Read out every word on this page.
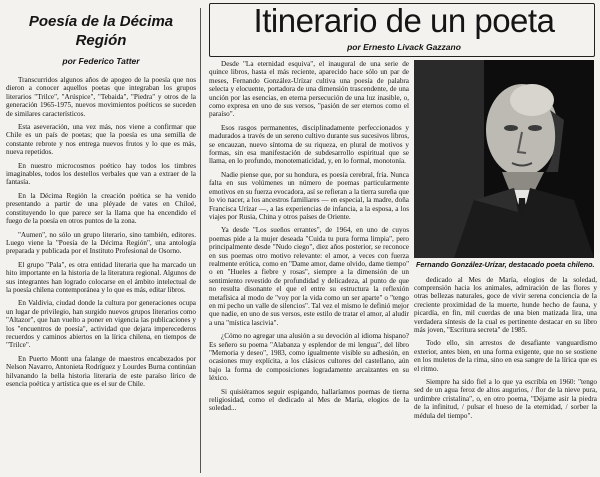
Poesía de la Décima
Región
por Federico Tatter

Transcurridos algunos años de apogeo de la poesía que nos dieron a conocer aquellos poetas que integraban los grupos literarios "Trilce", "Arúspice", "Tebaida", "Piedra" y otros de la generación 1965-1975, nuevos movimientos poéticos se suceden de similares característicos.

Esta aseveración, una vez más, nos viene a confirmar que Chile es un país de poetas; que la poesía es una semilla de constante rebrote y nos entrega nuevos frutos y lo que es más, nueva repetidos.

En nuestro microcosmos poético hay todos los timbres imaginables, todos los destellos verbales que van a extraer de la fantasía.

En la Décima Región la creación poética se ha venido presentando a partir de una pléyade de vates en Chiloé, constituyendo lo que parece ser la llama que ha encendido el fuego de la poesía en otros puntos de la zona.

"Aumen", no sólo un grupo literario, sino también, editores. Luego viene la "Poesía de la Décima Región", una antología preparada y publicada por el Instituto Profesional de Osorno.

El grupo "Pala", es otra entidad literaria que ha marcado un hito importante en la historia de la literatura regional. Algunos de sus integrantes han logrado colocarse en el ámbito intelectual de la poesía chilena contemporánea y lo que es más, editar libros.

En Valdivia, ciudad donde la cultura por generaciones ocupa un lugar de privilegio, han surgido nuevos grupos literarios como "Altazor", que han vuelto a poner en vigencia las publicaciones y los "encuentros de poesía", actividad que dejara imperecederos recuerdos y caminos abiertos en la lírica chilena, en tiempos de "Trilce".

En Puerto Montt una falange de maestros encabezados por Nelson Navarro, Antonieta Rodríguez y Lourdes Burna continúan hilvanando la bella historia literaria de este paraíso lírico de esencia poética y artística que es el sur de Chile.

Itinerario de un poeta
por Ernesto Livack Gazzano

Desde "La eternidad esquiva", el inaugural de una serie de quince libros, hasta el más reciente, aparecido hace sólo un par de meses, Fernando González-Urízar cultiva una poesía de palabra selecta y elocuente, portadora de una dimensión trascendente, de una unción por las esencias, en eterna persecución de una luz inasible, o, como expresa en uno de sus versos, "pasión de ser eternos como el paraíso".

Esos rasgos permanentes, disciplinadamente perfeccionados y madurados a través de un sereno cultivo durante sus sucesivos libros, se encauzan, nuevo síntoma de su riqueza, en plural de motivos y formas, sin esa manifestación de subdesarrollo espiritual que se llama, en lo profundo, monotematicidad, y, en lo formal, monotonía.

Nadie piense que, por su hondura, es poesía cerebral, fría. Nunca falta en sus volúmenes un número de poemas particularmente emotivos en su fuerza evocadora, así se refieran a la tierra sureña que lo vio nacer, a los ancestros familiares — en especial, la madre, doña Francisca Urízar —, a las experiencias de infancia, a la esposa, a los viajes por Rusia, China y otros países de Oriente.

Ya desde "Los sueños errantes", de 1964, en uno de cuyos poemas pide a la mujer deseada "Cuida tu pura forma limpia", pero principalmente desde "Nudo ciego", diez años posterior, se reconoce en sus poemas otro motivo relevante: el amor, a veces con fuerza realmente erótica, como en "Dame amor, dame olvido, dame tiempo" o en "Hueles a fiebre y rosas", siempre a la dimensión de un sentimiento revestido de profundidad y delicadeza, al punto de que no resulta disonante el que el entre su estructura la reflexión metafísica al modo de "voy por la vida como un ser aparte" o "tengo en mi pecho un valle de silencios". Tal vez el mismo le definió mejor que nadie, en uno de sus versos, este estilo de tratar el amor, al aludir a una "mística lascivia".

¿Cómo no agregar una alusión a su devoción al idioma hispano? Es señero su poema "Alabanza y esplendor de mi lengua", del libro "Memoria y deseo", 1983, como igualmente visible su adhesión, en ocasiones muy explícita, a los clásicos cultores del castellano, aún bajo la forma de composiciones logradamente arcaizantes en su léxico.

Si quisiéramos seguir espigando, hallaríamos poemas de tierna religiosidad, como el dedicado al Mes de María, elogios de la soledad...

Fernando González-Urízar, destacado poeta chileno.

dedicado al Mes de María, elogios de la soledad, comprensión hacia los animales, admiración de las flores y otras bellezas naturales, goce de vivir serena conciencia de la creciente proximidad de la muerte, hunde hecho de fauna, y picardía, en fin, mil cuerdas de una bien matizada lira, una verdadera síntesis de la cual es pertinente destacar en su libro más joven, "Escritura secreta" de 1985.

Todo ello, sin arrestos de desafiante vanguardismo exterior, antes bien, en una forma exigente, que no se sostiene en los muletos de la rima, sino en esa sangre de la lírica que es el ritmo.

Siempre ha sido fiel a lo que ya escribía en 1960: "tengo sed de un agua feroz de altos augurios, / flor de la nieve pura, urdimbre cristalina", o, en otro poema, "Déjame asir la piedra de la infinitud, / pulsar el hueso de la eternidad, / sorber la médula del tiempo".
